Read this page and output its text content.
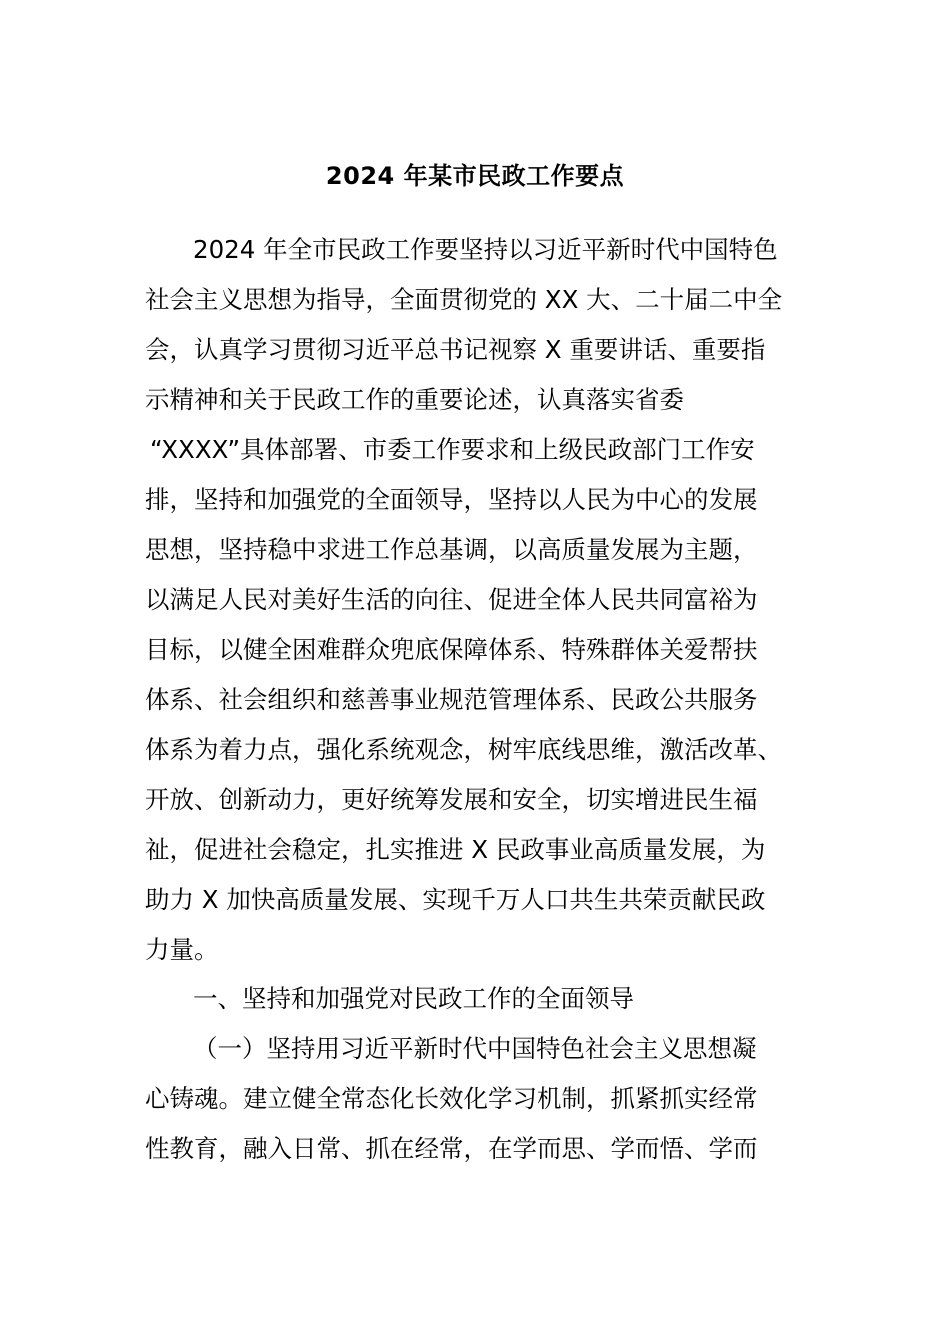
2024 年某市民政工作要点
2024 年全市民政工作要坚持以习近平新时代中国特色
社会主义思想为指导，全面贯彻党的 XX 大、二十届二中全
会，认真学习贯彻习近平总书记视察 X 重要讲话、重要指
示精神和关于民政工作的重要论述，认真落实省委
“XXXX”具体部署、市委工作要求和上级民政部门工作安
排，坚持和加强党的全面领导，坚持以人民为中心的发展
思想，坚持稳中求进工作总基调，以高质量发展为主题，
以满足人民对美好生活的向往、促进全体人民共同富裕为
目标，以健全困难群众兜底保障体系、特殊群体关爱帮扶
体系、社会组织和慈善事业规范管理体系、民政公共服务
体系为着力点，强化系统观念，树牢底线思维，激活改革、
开放、创新动力，更好统筹发展和安全，切实增进民生福
祉，促进社会稳定，扎实推进 X 民政事业高质量发展，为
助力 X 加快高质量发展、实现千万人口共生共荣贡献民政
力量。
一、坚持和加强党对民政工作的全面领导
（一）坚持用习近平新时代中国特色社会主义思想凝
心铸魂。建立健全常态化长效化学习机制，抓紧抓实经常
性教育，融入日常、抓在经常，在学而思、学而悟、学而
